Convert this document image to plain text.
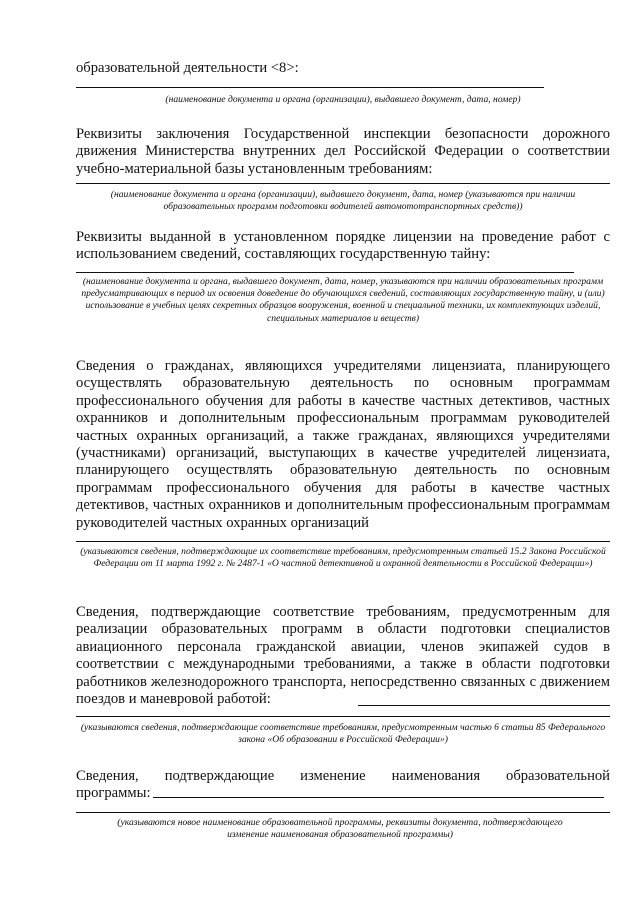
образовательной деятельности <8>:

(наименование документа и органа (организации), выдавшего документ, дата, номер)

Реквизиты заключения Государственной инспекции безопасности дорожного движения Министерства внутренних дел Российской Федерации о соответствии учебно-материальной базы установленным требованиям:

(наименование документа и органа (организации), выдавшего документ, дата, номер (указываются при наличии образовательных программ подготовки водителей автомототранспортных средств))

Реквизиты выданной в установленном порядке лицензии на проведение работ с использованием сведений, составляющих государственную тайну:

(наименование документа и органа, выдавшего документ, дата, номер, указываются при наличии образовательных программ предусматривающих в период их освоения доведение до обучающихся сведений, составляющих государственную тайну, и (или) использование в учебных целях секретных образцов вооружения, военной и специальной техники, их комплектующих изделий, специальных материалов и веществ)

Сведения о гражданах, являющихся учредителями лицензиата, планирующего осуществлять образовательную деятельность по основным программам профессионального обучения для работы в качестве частных детективов, частных охранников и дополнительным профессиональным программам руководителей частных охранных организаций, а также гражданах, являющихся учредителями (участниками) организаций, выступающих в качестве учредителей лицензиата, планирующего осуществлять образовательную деятельность по основным программам профессионального обучения для работы в качестве частных детективов, частных охранников и дополнительным профессиональным программам руководителей частных охранных организаций

(указываются сведения, подтверждающие их соответствие требованиям, предусмотренным статьей 15.2 Закона Российской Федерации от 11 марта 1992 г. № 2487-1 «О частной детективной и охранной деятельности в Российской Федерации»)

Сведения, подтверждающие соответствие требованиям, предусмотренным для реализации образовательных программ в области подготовки специалистов авиационного персонала гражданской авиации, членов экипажей судов в соответствии с международными требованиями, а также в области подготовки работников железнодорожного транспорта, непосредственно связанных с движением поездов и маневровой работой:

(указываются сведения, подтверждающие соответствие требованиям, предусмотренным частью 6 статьи 85 Федерального закона «Об образовании в Российской Федерации»)

Сведения, подтверждающие изменение наименования образовательной
программы:

(указываются новое наименование образовательной программы, реквизиты документа, подтверждающего изменение наименования образовательной программы)
